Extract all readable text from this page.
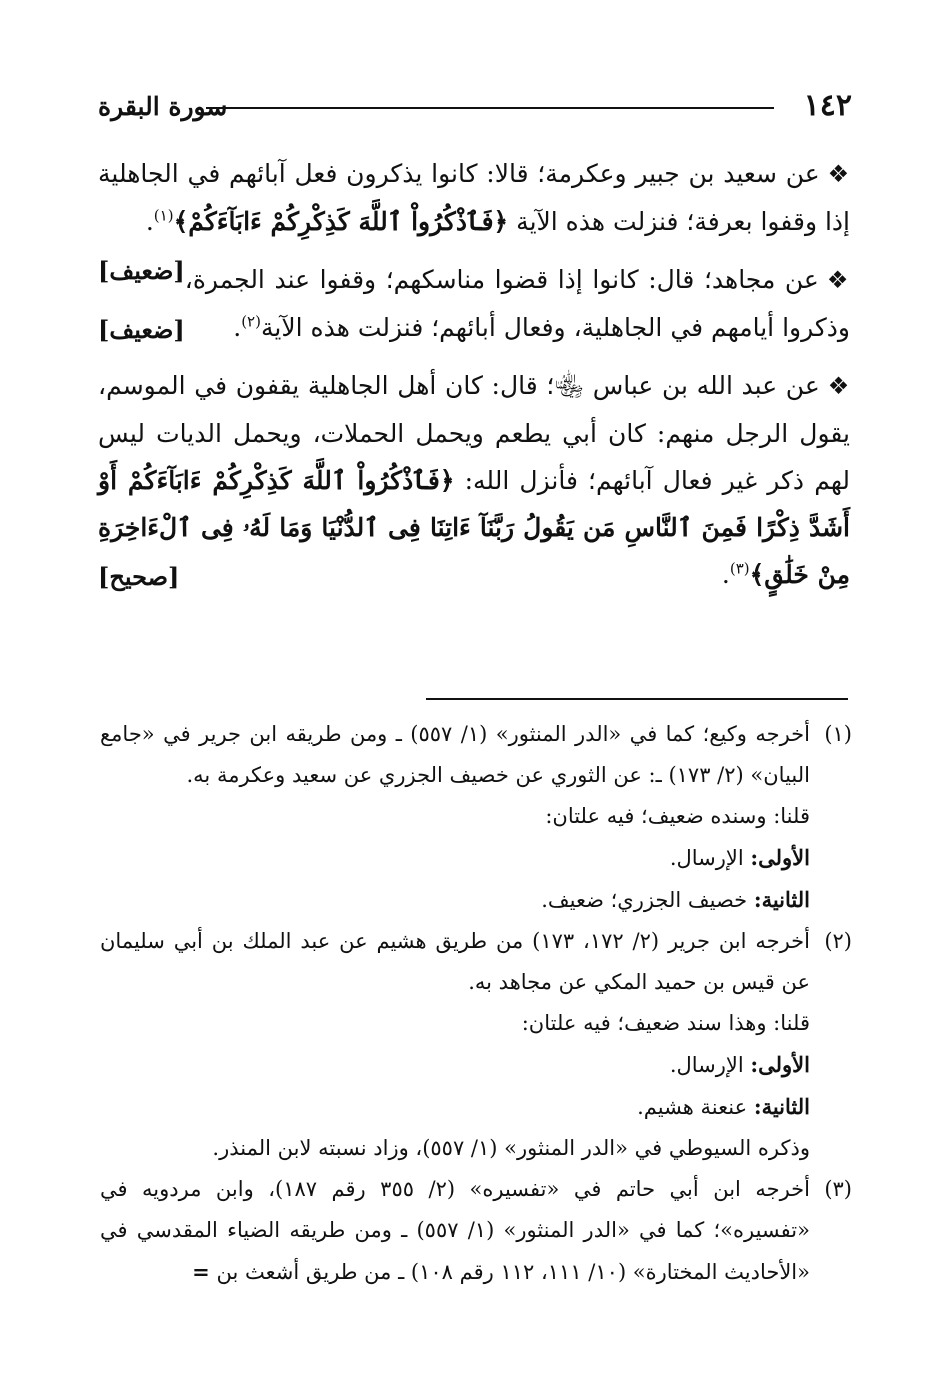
١٤٢
سورة البقرة

❖عن سعيد بن جبير وعكرمة؛ قالا: كانوا يذكرون فعل آبائهم في الجاهلية إذا وقفوا بعرفة؛ فنزلت هذه الآية ﴿فَٱذْكُرُواْ ٱللَّهَ كَذِكْرِكُمْ ءَابَآءَكُمْ﴾$^{(١)}$.
[ضعيف]	❖عن مجاهد؛ قال: كانوا إذا قضوا مناسكهم؛ وقفوا عند الجمرة، وذكروا أيامهم في الجاهلية، وفعال أبائهم؛ فنزلت هذه الآية$^{(٢)}$.
[ضعيف]

❖عن عبد الله بن عباس ﵄؛ قال: كان أهل الجاهلية يقفون في الموسم، يقول الرجل منهم: كان أبي يطعم ويحمل الحملات، ويحمل الديات ليس لهم ذكر غير فعال آبائهم؛ فأنزل الله: ﴿فَٱذْكُرُواْ ٱللَّهَ كَذِكْرِكُمْ ءَابَآءَكُمْ أَوْ أَشَدَّ ذِكْرًا فَمِنَ ٱلنَّاسِ مَن يَقُولُ رَبَّنَآ ءَاتِنَا فِى ٱلدُّنْيَا وَمَا لَهُۥ فِى ٱلْءَاخِرَةِ مِنْ خَلَٰقٍ﴾$^{(٣)}$.
[صحيح]

(١)
أخرجه وكيع؛ كما في «الدر المنثور» (١/ ٥٥٧) ـ ومن طريقه ابن جرير في «جامع البيان» (٢/ ١٧٣) ـ: عن الثوري عن خصيف الجزري عن سعيد وعكرمة به.
قلنا: وسنده ضعيف؛ فيه علتان:
الأولى: الإرسال.
الثانية: خصيف الجزري؛ ضعيف.
(٢)
أخرجه ابن جرير (٢/ ١٧٢، ١٧٣) من طريق هشيم عن عبد الملك بن أبي سليمان عن قيس بن حميد المكي عن مجاهد به.
قلنا: وهذا سند ضعيف؛ فيه علتان:
الأولى: الإرسال.
الثانية: عنعنة هشيم.
وذكره السيوطي في «الدر المنثور» (١/ ٥٥٧)، وزاد نسبته لابن المنذر.
(٣)
أخرجه ابن أبي حاتم في «تفسيره» (٢/ ٣٥٥ رقم ١٨٧)، وابن مردويه في «تفسيره»؛ كما في «الدر المنثور» (١/ ٥٥٧) ـ ومن طريقه الضياء المقدسي في «الأحاديث المختارة» (١٠/ ١١١، ١١٢ رقم ١٠٨) ـ من طريق أشعث بن =
